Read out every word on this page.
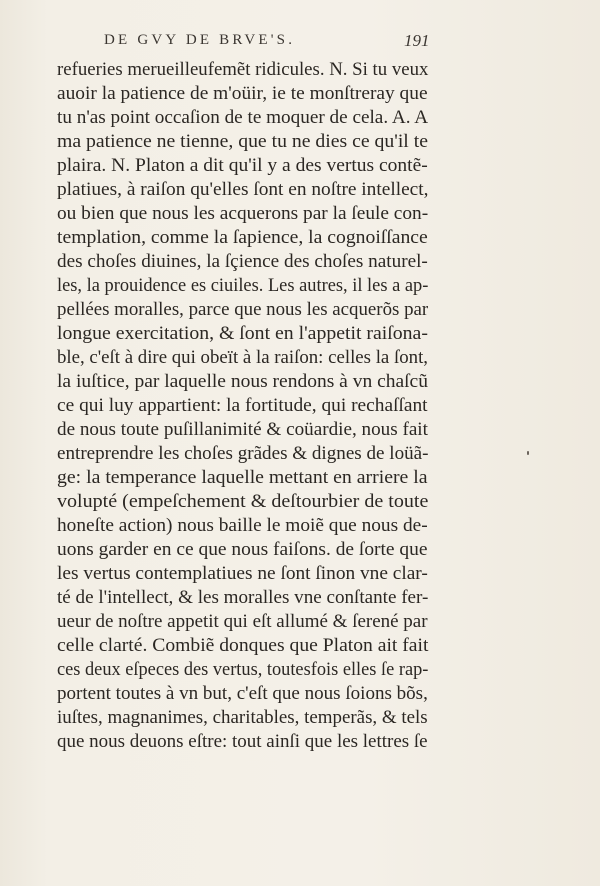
DE GVY DE BRVE'S.	191
refueries merueilleufemẽt ridicules. N. Si tu veux
auoir la patience de m'oüir, ie te monſtreray que
tu n'as point occaſion de te moquer de cela. A. A
ma patience ne tienne, que tu ne dies ce qu'il te
plaira. N. Platon a dit qu'il y a des vertus contẽ-
platiues, à raiſon qu'elles ſont en noſtre intellect,
ou bien que nous les acquerons par la ſeule con-
templation, comme la ſapience, la cognoiſſance
des choſes diuines, la ſçience des choſes naturel-
les, la prouidence es ciuiles. Les autres, il les a ap-
pellées moralles, parce que nous les acquerõs par
longue exercitation, & ſont en l'appetit raiſona-
ble, c'eſt à dire qui obeït à la raiſon: celles la ſont,
la iuſtice, par laquelle nous rendons à vn chaſcũ
ce qui luy appartient: la fortitude, qui rechaſſant
de nous toute puſillanimité & coüardie, nous fait
entreprendre les choſes grãdes & dignes de loüã-
ge: la temperance laquelle mettant en arriere la
volupté (empeſchement & deſtourbier de toute
honeſte action) nous baille le moiẽ que nous de-
uons garder en ce que nous faiſons. de ſorte que
les vertus contemplatiues ne ſont ſinon vne clar-
té de l'intellect, & les moralles vne conſtante fer-
ueur de noſtre appetit qui eſt allumé & ſerené par
celle clarté. Combiẽ donques que Platon ait fait
ces deux eſpeces des vertus, toutesfois elles ſe rap-
portent toutes à vn but, c'eſt que nous ſoions bõs,
iuſtes, magnanimes, charitables, temperãs, & tels
que nous deuons eſtre: tout ainſi que les lettres ſe
